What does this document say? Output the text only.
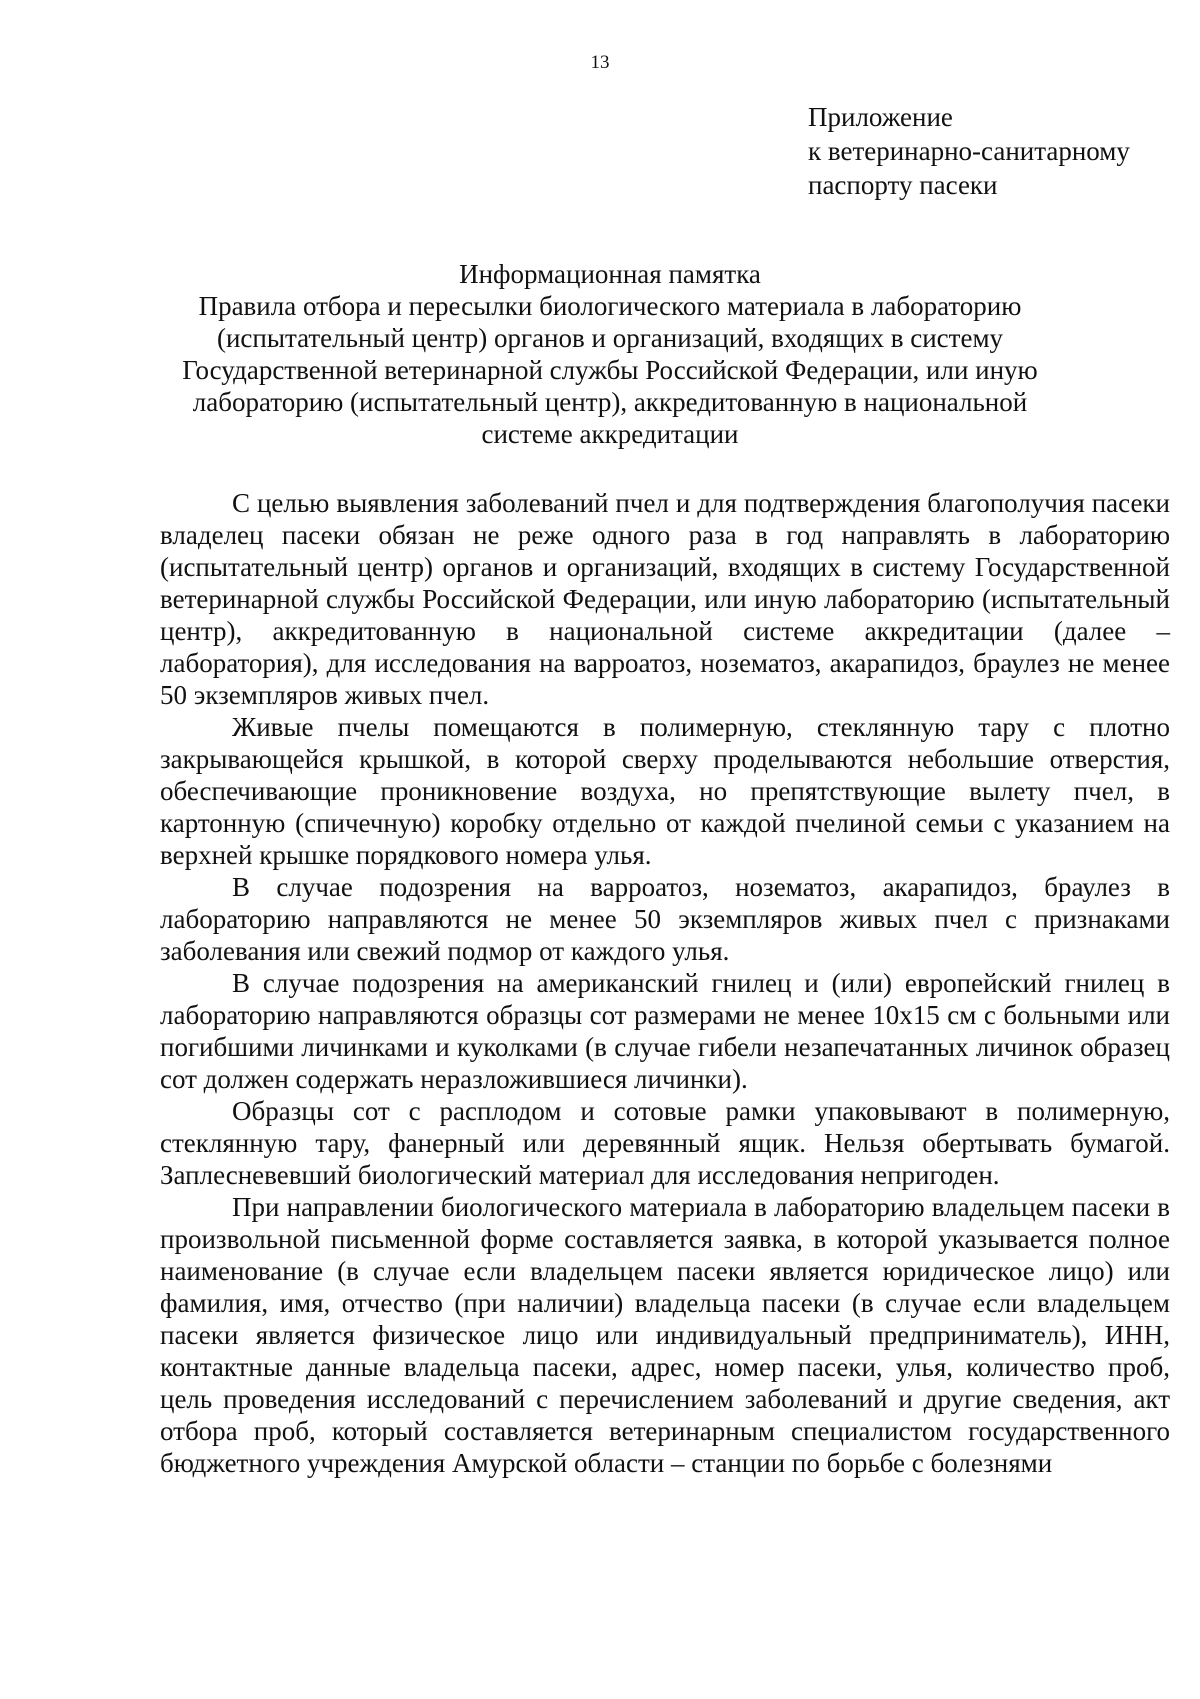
13
Приложение
к ветеринарно-санитарному
паспорту пасеки
Информационная памятка
Правила отбора и пересылки биологического материала в лабораторию
(испытательный центр) органов и организаций, входящих в систему
Государственной ветеринарной службы Российской Федерации, или иную
лабораторию (испытательный центр), аккредитованную в национальной
системе аккредитации

С целью выявления заболеваний пчел и для подтверждения благополучия пасеки владелец пасеки обязан не реже одного раза в год направлять в лабораторию (испытательный центр) органов и организаций, входящих в систему Государственной ветеринарной службы Российской Федерации, или иную лабораторию (испытательный центр), аккредитованную в национальной системе аккредитации (далее – лаборатория), для исследования на варроатоз, нозематоз, акарапидоз, браулез не менее 50 экземпляров живых пчел.

Живые пчелы помещаются в полимерную, стеклянную тару с плотно закрывающейся крышкой, в которой сверху проделываются небольшие отверстия, обеспечивающие проникновение воздуха, но препятствующие вылету пчел, в картонную (спичечную) коробку отдельно от каждой пчелиной семьи с указанием на верхней крышке порядкового номера улья.

В случае подозрения на варроатоз, нозематоз, акарапидоз, браулез в лабораторию направляются не менее 50 экземпляров живых пчел с признаками заболевания или свежий подмор от каждого улья.

В случае подозрения на американский гнилец и (или) европейский гнилец в лабораторию направляются образцы сот размерами не менее 10x15 см с больными или погибшими личинками и куколками (в случае гибели незапечатанных личинок образец сот должен содержать неразложившиеся личинки).

Образцы сот с расплодом и сотовые рамки упаковывают в полимерную, стеклянную тару, фанерный или деревянный ящик. Нельзя обертывать бумагой. Заплесневевший биологический материал для исследования непригоден.

При направлении биологического материала в лабораторию владельцем пасеки в произвольной письменной форме составляется заявка, в которой указывается полное наименование (в случае если владельцем пасеки является юридическое лицо) или фамилия, имя, отчество (при наличии) владельца пасеки (в случае если владельцем пасеки является физическое лицо или индивидуальный предприниматель), ИНН, контактные данные владельца пасеки, адрес, номер пасеки, улья, количество проб, цель проведения исследований с перечислением заболеваний и другие сведения, акт отбора проб, который составляется ветеринарным специалистом государственного бюджетного учреждения Амурской области – станции по борьбе с болезнями
